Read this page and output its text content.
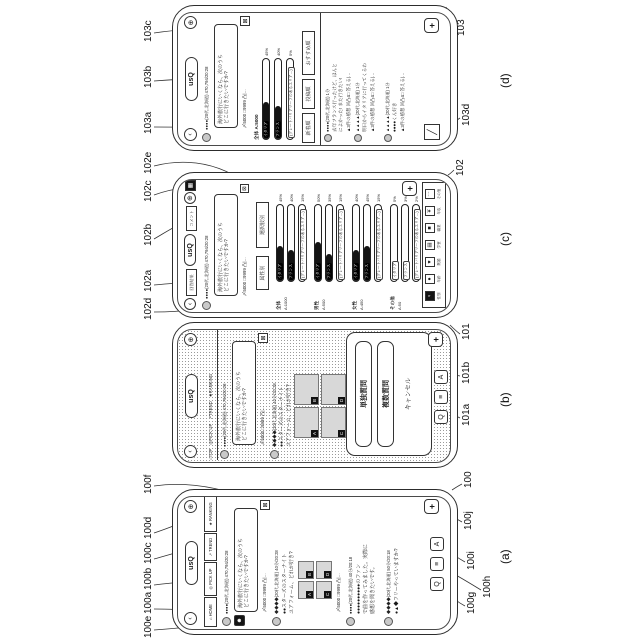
‹
usQ
⊕
⌂
HOME
◎
PICK UP
↗
TREND
★
RANKING
●●●●(20代,北海道) 470,794/20:28
☻
海外旅行にいくなら、次のうち どこに行きたいですか?	〆5000 □9999 凸|…
⊠
◆◆◆◆(20代,北海道) 40分/20:28 ●●スターズのスターナイト ユアフォーム、どれが好き?	A
B
C
D 〆5000 □9999 凸|… ●●●●(20代,北海道) 40分/20:18 ●●●●●●●●●●のファン で曲を作ってみました。実際に 感想を聞きたいです。 ◆◆◆◆(20代,北海道) 50分/20:18 ●▲◆フリーやっていますか?	Q
≡
A
+
‹
usQ
⊕
⌂TOP
◎PICK UP
↗TREND
★RANKING ●●●●(20代,北海道) 470,794/20:28 海外旅行にいくなら、次のうち どこに行きたいですか?	〆5000 □9999 凸|…
⊠
◆◆◆◆(20代,北海道) 40分/20:28 ●●スターズのスターナイト ユアフォーム、どれが好き?	A
B
C
D	単独質問	複数質問	キャンセル
Q
≡
A
+
‹
回答結果
usQ
コメント
⊕
▦
●●●●(20代,北海道) 470,794/20:28 海外旅行にいくなら、次のうち どこに行きたいですか?	〆5000 □9999 凸|…
⊠
属性別
選択肢別
全体 A:1000
イタリア
45%
フランス
40%
(グレートバリアリーフのあるエリア…)
15%
男性 A:500
イタリア
50%
フランス
35%
(グレートバリアリーフのあるエリア…)
15%
女性 A:450
イタリア
40%
フランス
45%
(グレートバリアリーフのあるエリア…)
15%
その他 A:50
イタリア
5%
フランス
3%
(グレートバリアリーフのあるエリア…)
2%
+
♀	性別
●	年齢
♥	既婚
▤	学歴
■	職業
¥	年収
⋯	その他
‹
usQ
⊕
●●●●(20代,北海道) 470,794/20:28 海外旅行にいくなら、次のうち どこに行きたいですか?	〆5000 □9999 凸|…
⊠
全体 A:5000 イタリア
45%
フランス
40%
(グレートバリアリーフのあるエリア…)
5%
新着順
投稿順
おすすめ順
●●●●(20代,北海道) 1分 去年フランス行ったけど、ほんと によかった! また行きたい! ▲3件の感想 回凸4□ 答える|… ▲▲▲▲(20代,北海道) 1分 明日からイタリアに行ってくるわ ▲3件の感想 回凸4□ 答える|… ▲▲▲▲(20代,北海道) 1分 ●●●●くん好き ▲3件の感想 回凸4□ 答える|…
╱
+
100e
100a
100b
100c
100d
100f
102d
102a
102b
102c
102e
103a
103b
103c
100g
100h
100i
100j
100
101a
101b
101
102
103d
103
(a)
(b)
(c)
(d)
